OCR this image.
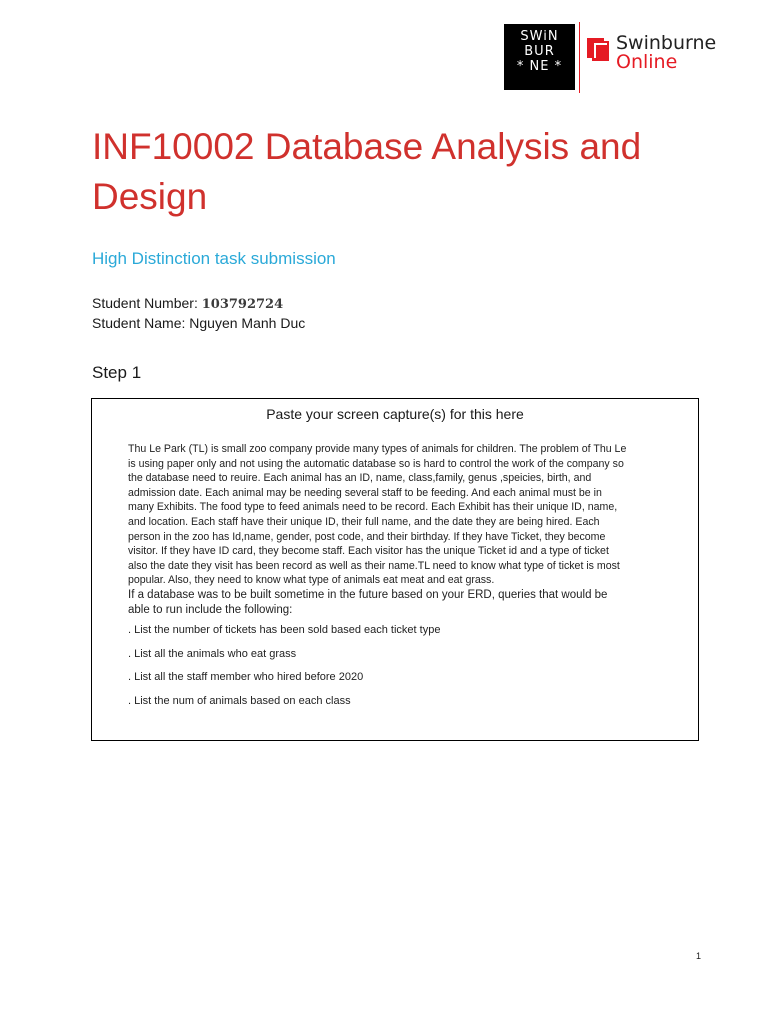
SWiN
BUR
* NE *
Swinburne
Online
INF10002 Database Analysis and Design
High Distinction task submission
Student Number: 103792724
Student Name: Nguyen Manh Duc
Step 1
Paste your screen capture(s) for this here

Thu Le Park (TL) is small zoo company provide many types of animals for children. The problem of Thu Le is using paper only and not using the automatic database so is hard to control the work of the company so the database need to reuire. Each animal has an ID, name, class,family, genus ,speicies, birth, and admission date. Each animal may be needing several staff to be feeding. And each animal must be in many Exhibits. The food type to feed animals need to be record. Each Exhibit has their unique ID, name, and location. Each staff have their unique ID, their full name, and the date they are being hired. Each person in the zoo has Id,name, gender, post code, and their birthday. If they have Ticket, they become visitor. If they have ID card, they become staff. Each visitor has the unique Ticket id and a type of ticket also the date they visit has been record as well as their name.TL need to know what type of ticket is most popular. Also, they need to know what type of animals eat meat and eat grass.

If a database was to be built sometime in the future based on your ERD, queries that would be able to run include the following:

. List the number of tickets has been sold based each ticket type
. List all the animals who eat grass
. List all the staff member who hired before 2020
. List the num of animals based on each class
1
